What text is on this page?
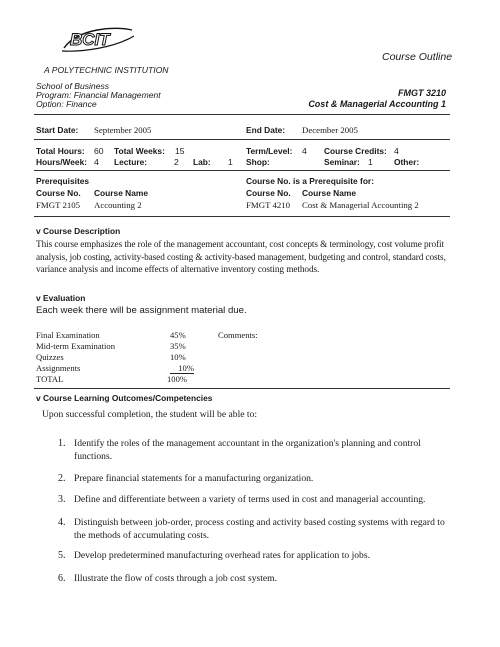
BCIT
A POLYTECHNIC INSTITUTION
Course Outline
School of Business
Program: Financial Management
Option: Finance
FMGT 3210
Cost & Managerial Accounting 1
Start Date: September 2005	End Date: December 2005
Total Hours: 60 Total Weeks: 15	Term/Level: 4 Course Credits: 4
Hours/Week: 4 Lecture:	2 Lab: 1 Shop:	Seminar: 1	Other:
Prerequisites	Course No. is a Prerequisite for:
Course No. Course Name	Course No. Course Name
FMGT 2105 Accounting 2	FMGT 4210 Cost & Managerial Accounting 2
v Course Description
This course emphasizes the role of the management accountant, cost concepts & terminology, cost volume profit analysis, job costing, activity-based costing & activity-based management, budgeting and control, standard costs, variance analysis and income effects of alternative inventory costing methods.
v Evaluation
Each week there will be assignment material due.
Final Examination	45%	Comments:
Mid-term Examination	35%
Quizzes	10%
Assignments	10%
TOTAL	100%
v Course Learning Outcomes/Competencies
Upon successful completion, the student will be able to:
1. Identify the roles of the management accountant in the organization's planning and control functions.
2. Prepare financial statements for a manufacturing organization.
3. Define and differentiate between a variety of terms used in cost and managerial accounting.
4. Distinguish between job-order, process costing and activity based costing systems with regard to the methods of accumulating costs.
5. Develop predetermined manufacturing overhead rates for application to jobs.
6. Illustrate the flow of costs through a job cost system.
